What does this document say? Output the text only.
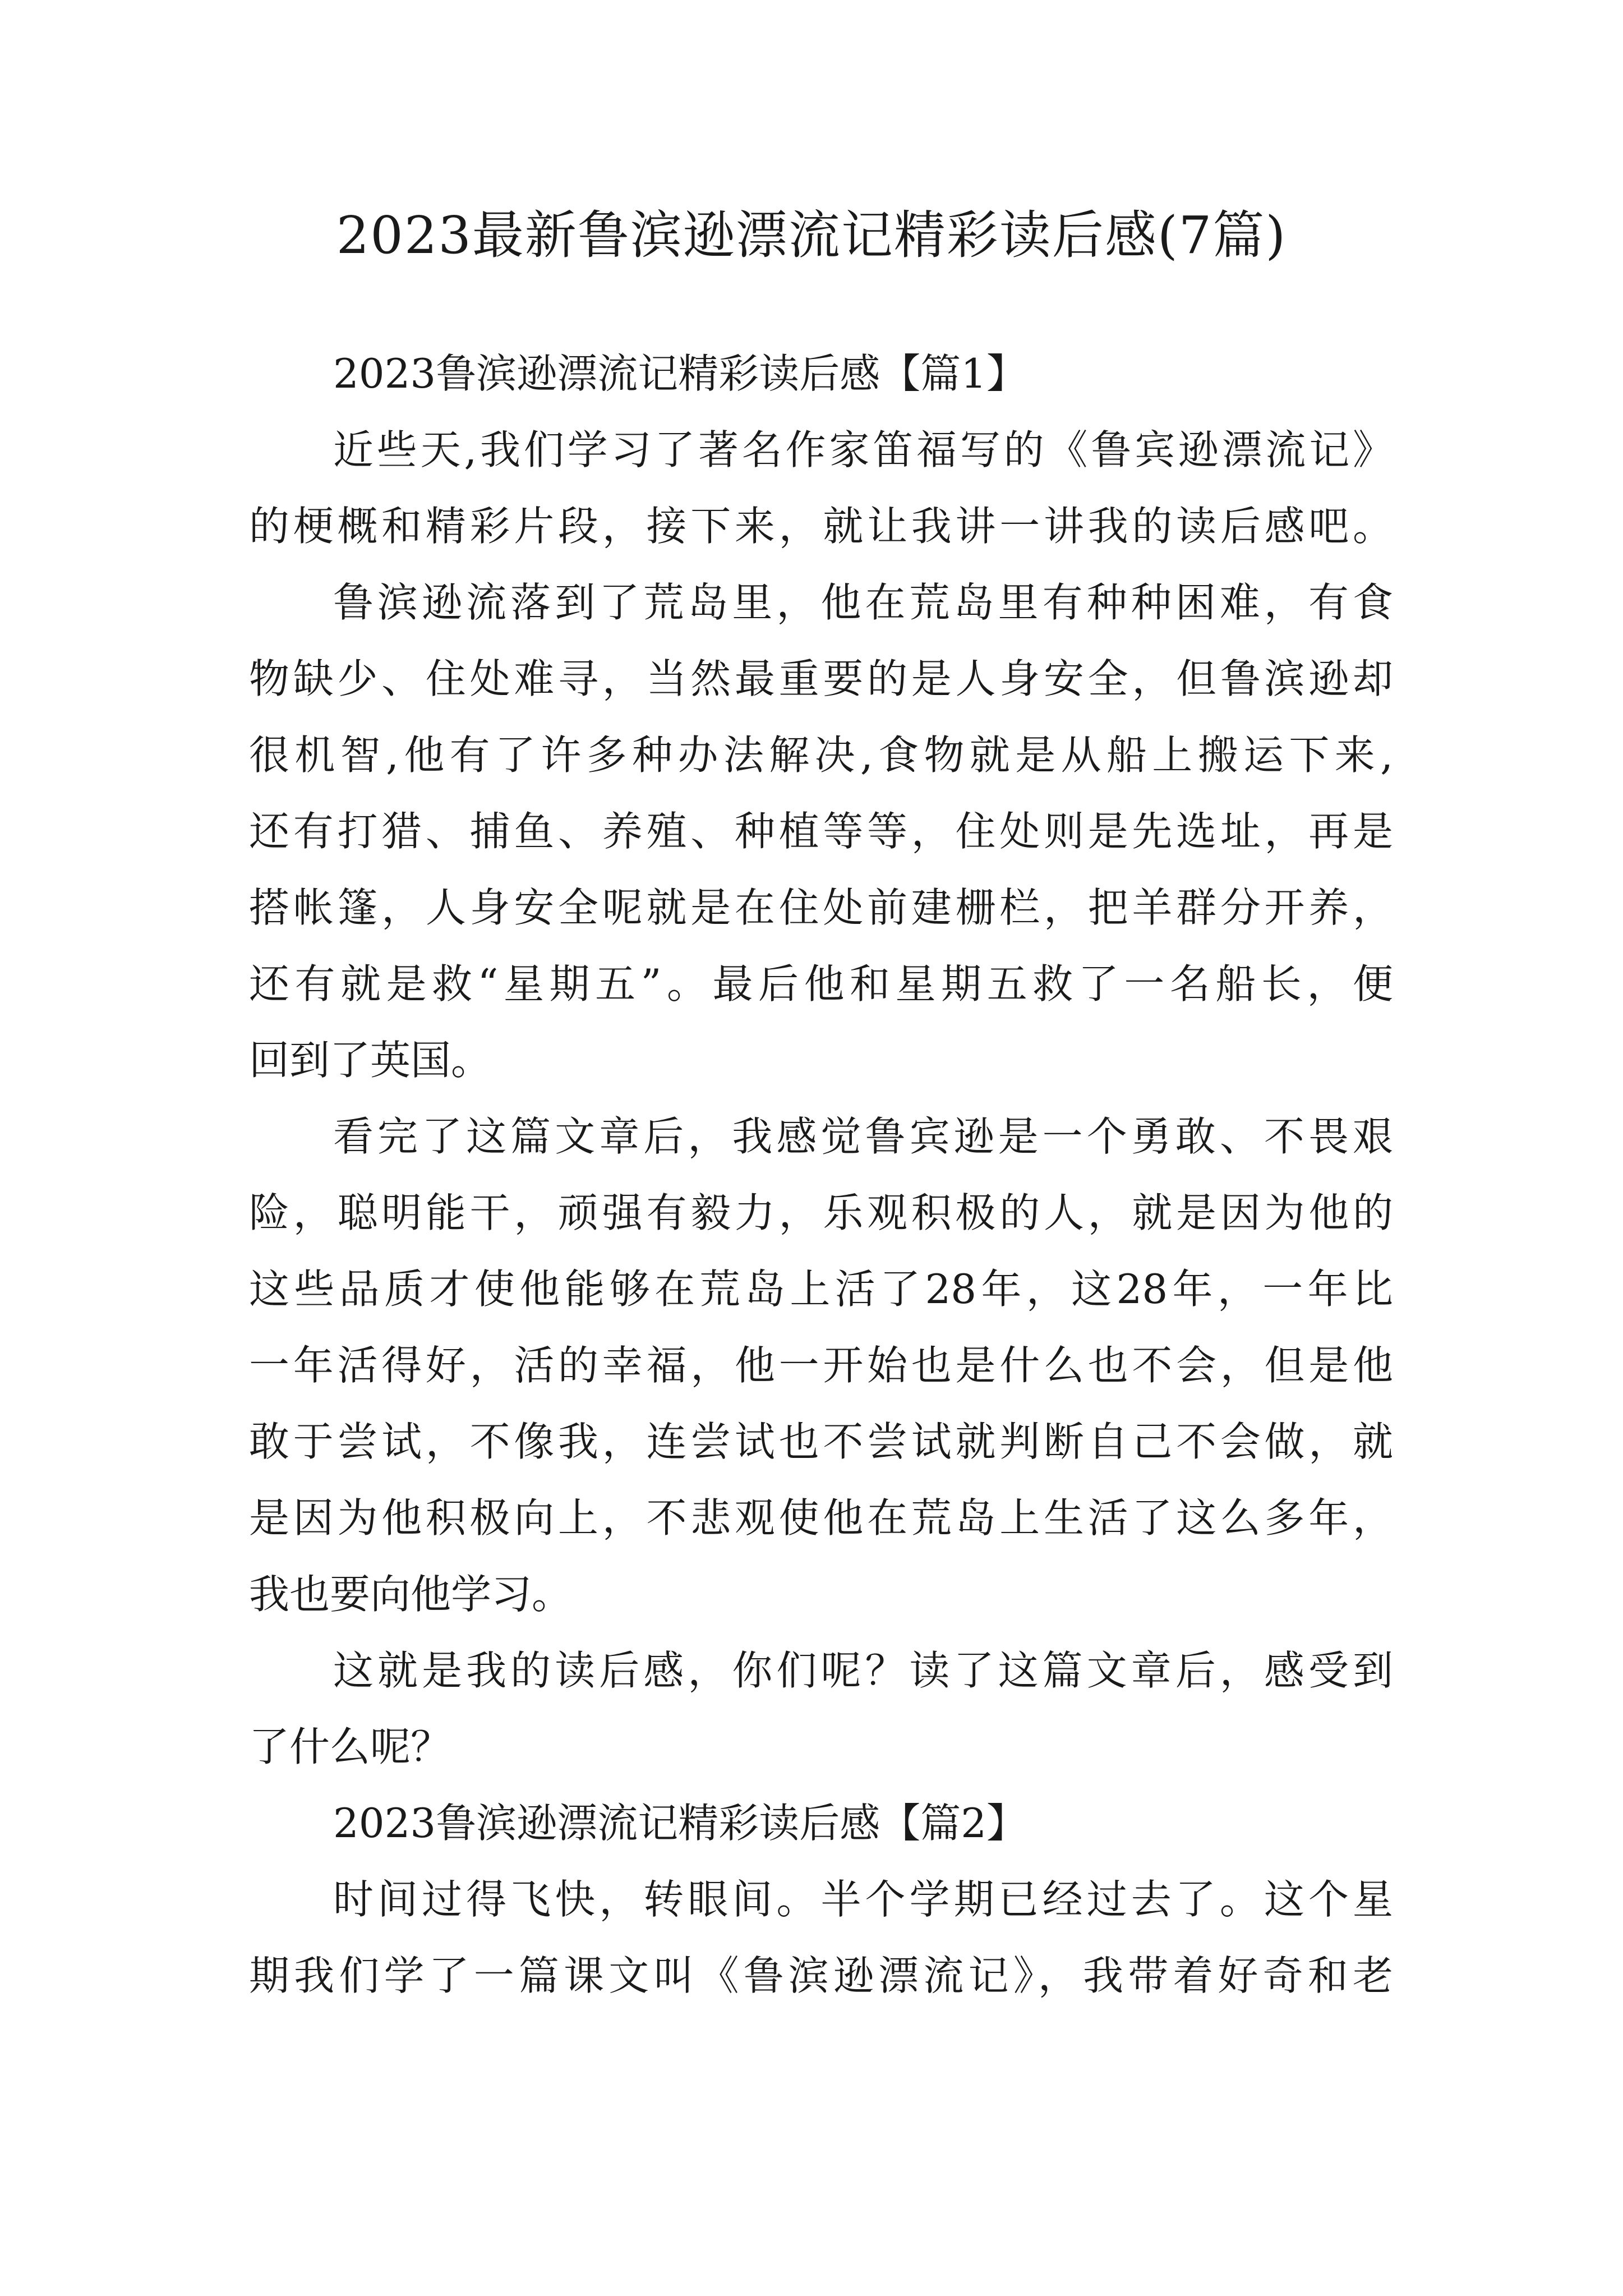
2023最新鲁滨逊漂流记精彩读后感(7篇)
2023鲁滨逊漂流记精彩读后感【篇1】
近些天,我们学习了著名作家笛福写的《鲁宾逊漂流记》
的梗概和精彩片段，接下来，就让我讲一讲我的读后感吧。
鲁滨逊流落到了荒岛里，他在荒岛里有种种困难，有食
物缺少、住处难寻，当然最重要的是人身安全，但鲁滨逊却
很机智,他有了许多种办法解决,食物就是从船上搬运下来,
还有打猎、捕鱼、养殖、种植等等，住处则是先选址，再是
搭帐篷，人身安全呢就是在住处前建栅栏，把羊群分开养，
还有就是救“星期五”。最后他和星期五救了一名船长，便
回到了英国。
看完了这篇文章后，我感觉鲁宾逊是一个勇敢、不畏艰
险，聪明能干，顽强有毅力，乐观积极的人，就是因为他的
这些品质才使他能够在荒岛上活了28年，这28年，一年比
一年活得好，活的幸福，他一开始也是什么也不会，但是他
敢于尝试，不像我，连尝试也不尝试就判断自己不会做，就
是因为他积极向上，不悲观使他在荒岛上生活了这么多年，
我也要向他学习。
这就是我的读后感，你们呢？读了这篇文章后，感受到
了什么呢？
2023鲁滨逊漂流记精彩读后感【篇2】
时间过得飞快，转眼间。半个学期已经过去了。这个星
期我们学了一篇课文叫《鲁滨逊漂流记》，我带着好奇和老
